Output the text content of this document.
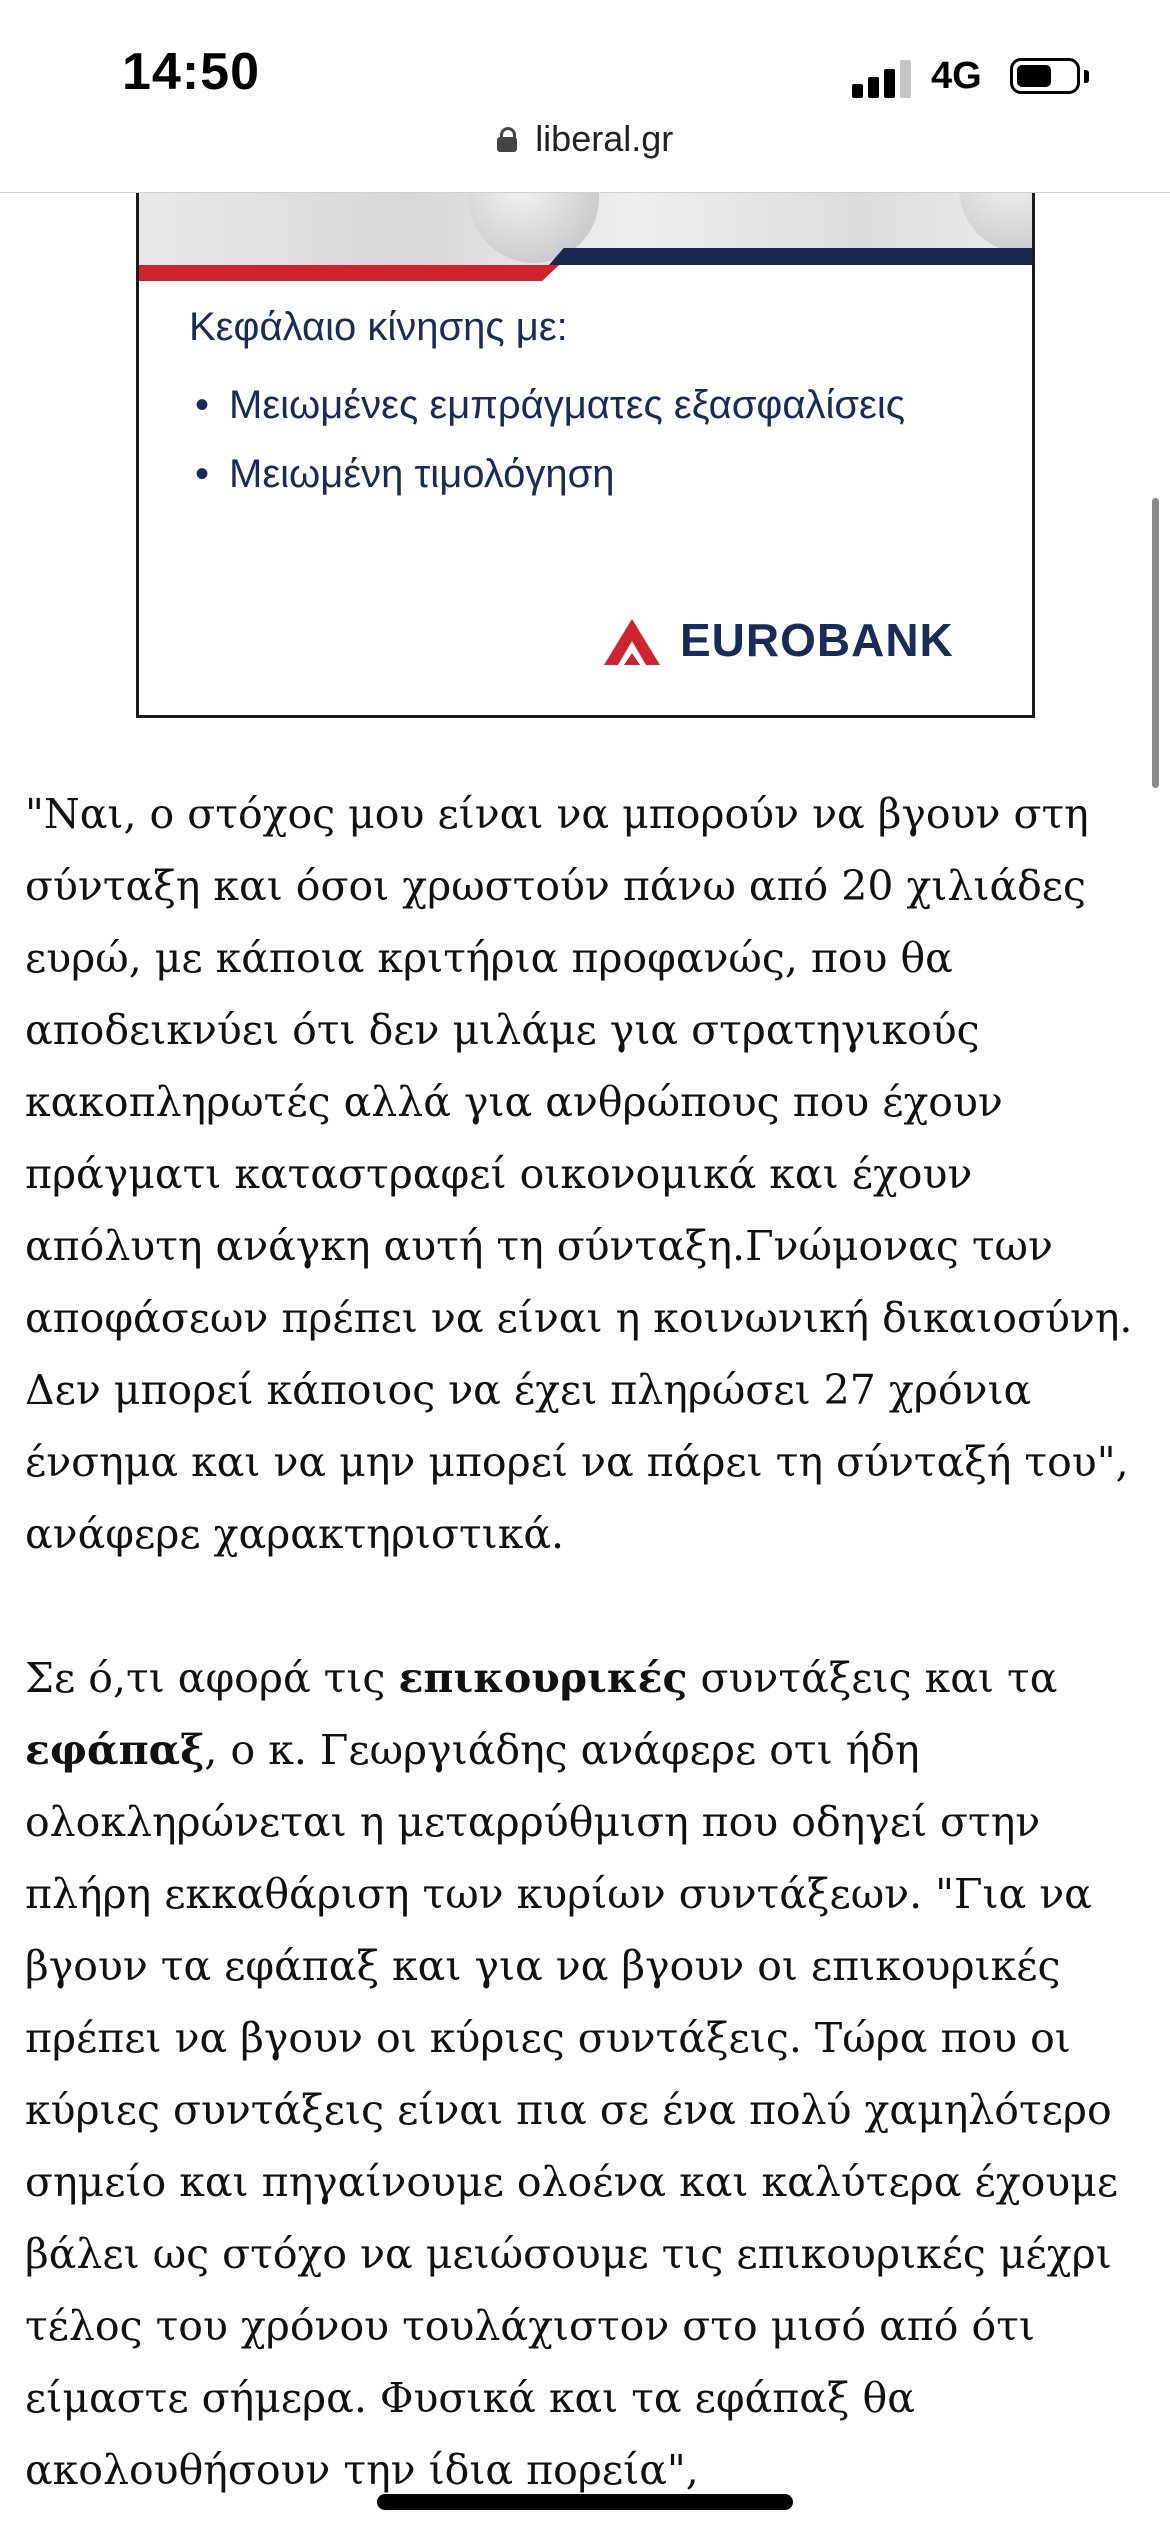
14:50	4G
liberal.gr

Κεφάλαιο κίνησης με:

• Μειωμένες εμπράγματες εξασφαλίσεις
• Μειωμένη τιμολόγηση
EUROBANK

"Ναι, ο στόχος μου είναι να μπορούν να βγουν στη σύνταξη και όσοι χρωστούν πάνω από 20 χιλιάδες ευρώ, με κάποια κριτήρια προφανώς, που θα αποδεικνύει ότι δεν μιλάμε για στρατηγικούς κακοπληρωτές αλλά για ανθρώπους που έχουν πράγματι καταστραφεί οικονομικά και έχουν απόλυτη ανάγκη αυτή τη σύνταξη.Γνώμονας των αποφάσεων πρέπει να είναι η κοινωνική δικαιοσύνη. Δεν μπορεί κάποιος να έχει πληρώσει 27 χρόνια ένσημα και να μην μπορεί να πάρει τη σύνταξή του", ανάφερε χαρακτηριστικά.

Σε ό,τι αφορά τις επικουρικές συντάξεις και τα εφάπαξ, ο κ. Γεωργιάδης ανάφερε οτι ήδη ολοκληρώνεται η μεταρρύθμιση που οδηγεί στην πλήρη εκκαθάριση των κυρίων συντάξεων. "Για να βγουν τα εφάπαξ και για να βγουν οι επικουρικές πρέπει να βγουν οι κύριες συντάξεις. Τώρα που οι κύριες συντάξεις είναι πια σε ένα πολύ χαμηλότερο σημείο και πηγαίνουμε ολοένα και καλύτερα έχουμε βάλει ως στόχο να μειώσουμε τις επικουρικές μέχρι τέλος του χρόνου τουλάχιστον στο μισό από ότι είμαστε σήμερα. Φυσικά και τα εφάπαξ θα ακολουθήσουν την ίδια πορεία",
